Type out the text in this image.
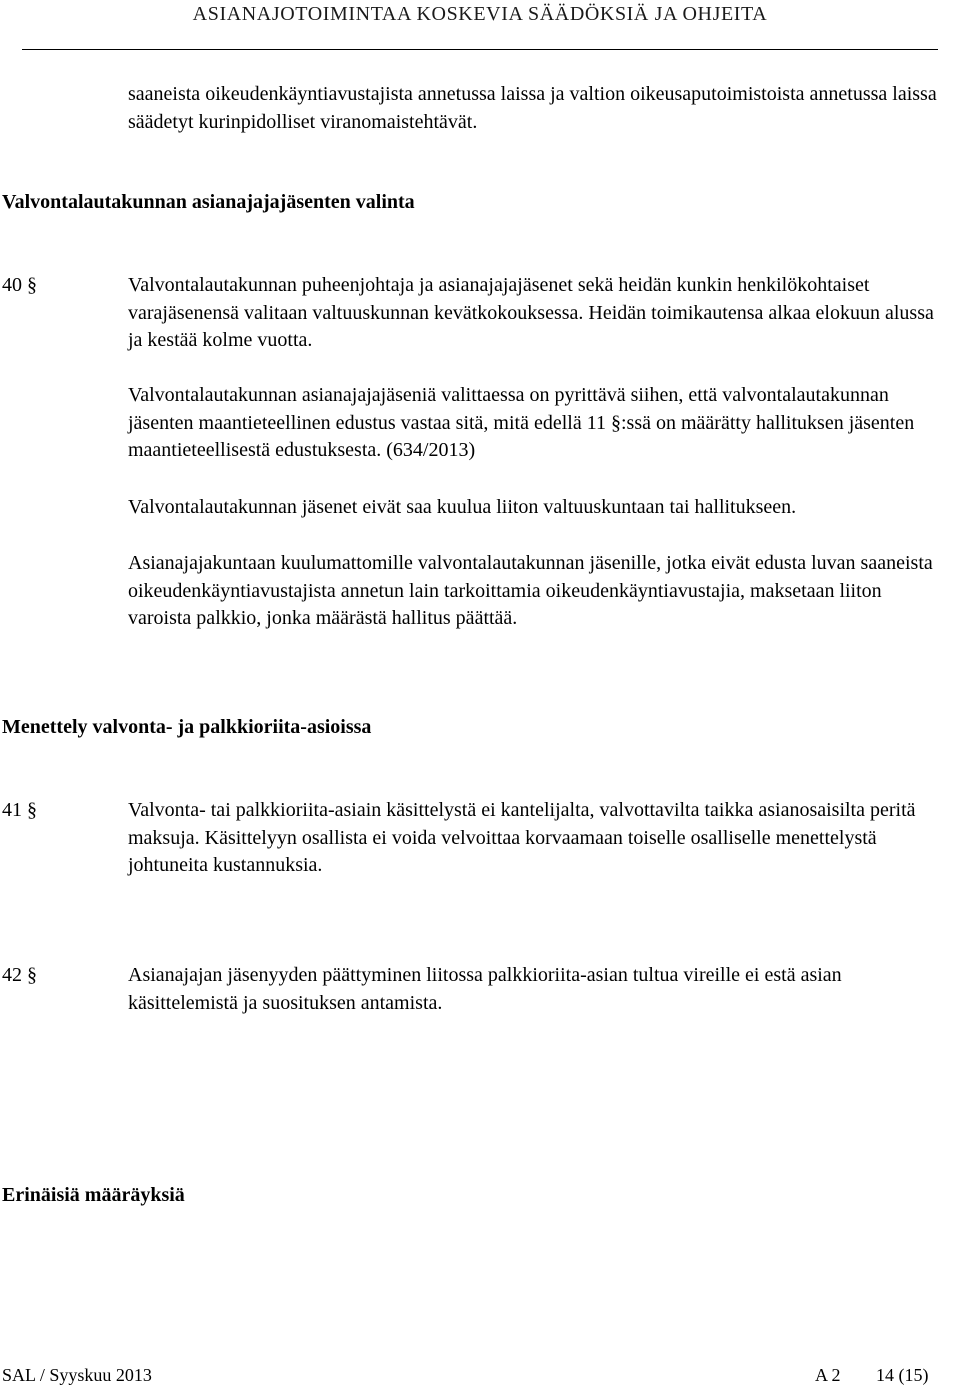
ASIANAJOTOIMINTAA KOSKEVIA SÄÄDÖKSIÄ JA OHJEITA

saaneista oikeudenkäyntiavustajista annetussa laissa ja valtion oikeusaputoimistoista annetussa laissa säädetyt kurinpidolliset viranomaistehtävät.

Valvontalautakunnan asianajajajäsenten valinta
40 §	Valvontalautakunnan puheenjohtaja ja asianajajajäsenet sekä heidän kunkin henkilökohtaiset varajäsenensä valitaan valtuuskunnan kevätkokouksessa. Heidän toimikautensa alkaa elokuun alussa ja kestää kolme vuotta.

Valvontalautakunnan asianajajajäseniä valittaessa on pyrittävä siihen, että valvontalautakunnan jäsenten maantieteellinen edustus vastaa sitä, mitä edellä 11 §:ssä on määrätty hallituksen jäsenten maantieteellisestä edustuksesta. (634/2013)

Valvontalautakunnan jäsenet eivät saa kuulua liiton valtuuskuntaan tai hallitukseen.

Asianajajakuntaan kuulumattomille valvontalautakunnan jäsenille, jotka eivät edusta luvan saaneista oikeudenkäyntiavustajista annetun lain tarkoittamia oikeudenkäyntiavustajia, maksetaan liiton varoista palkkio, jonka määrästä hallitus päättää.

Menettely valvonta- ja palkkioriita-asioissa
41 §	Valvonta- tai palkkioriita-asiain käsittelystä ei kantelijalta, valvottavilta taikka asianosaisilta peritä maksuja. Käsittelyyn osallista ei voida velvoittaa korvaamaan toiselle osalliselle menettelystä johtuneita kustannuksia.

42 §	Asianajajan jäsenyyden päättyminen liitossa palkkioriita-asian tultua vireille ei estä asian käsittelemistä ja suosituksen antamista.

Erinäisiä määräyksiä
SAL / Syyskuu 2013	A 2 14 (15)
